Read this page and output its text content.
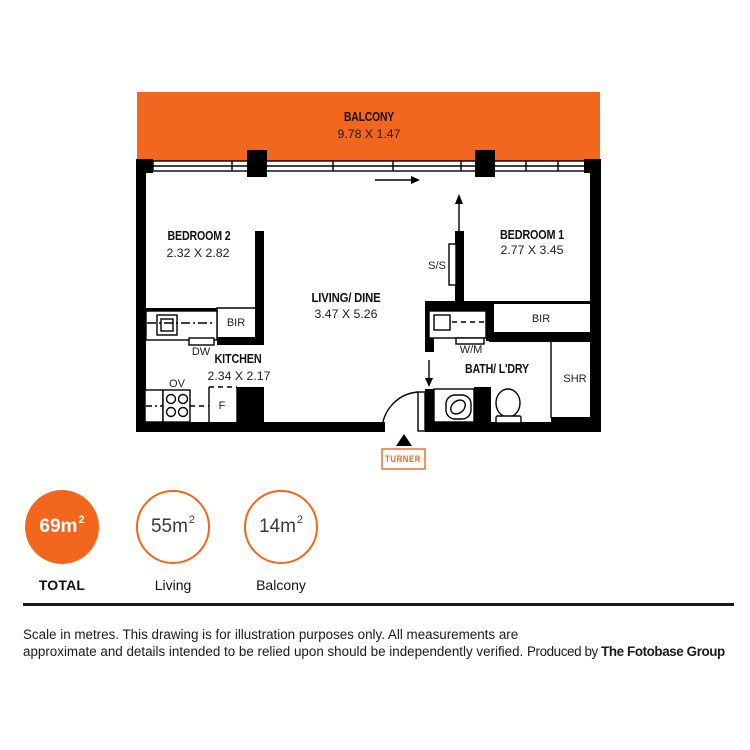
BALCONY
9.78 X 1.47
BEDROOM 2
2.32 X 2.82
BIR
BEDROOM 1
2.77 X 3.45
BIR
S/S
LIVING/ DINE
3.47 X 5.26
KITCHEN
2.34 X 2.17
DW
OV
F
BATH/ L'DRY
W/M
SHR
TURNER
69m 2
TOTAL
55m 2
Living
14m 2
Balcony
Scale in metres. This drawing is for illustration purposes only. All measurements are
approximate and details intended to be relied upon should be independently verified. Produced by The Fotobase Group
